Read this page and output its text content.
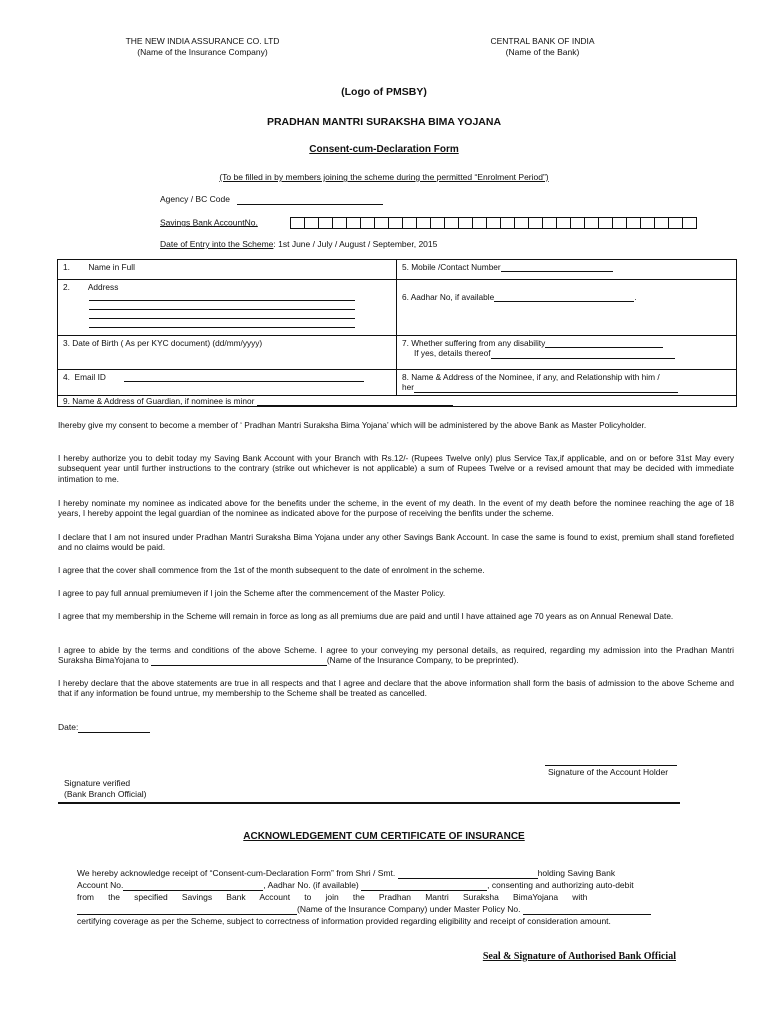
THE NEW INDIA ASSURANCE CO. LTD
(Name of the Insurance Company)
CENTRAL BANK OF INDIA
(Name of the Bank)
(Logo of PMSBY)
PRADHAN MANTRI SURAKSHA BIMA YOJANA
Consent-cum-Declaration Form
(To be filled in by members joining the scheme during the permitted “Enrolment Period”)
Agency / BC Code
Savings Bank AccountNo.
Date of Entry into the Scheme: 1st June / July / August / September, 2015
1.        Name in Full	5. Mobile /Contact Number
2.        Address	6. Aadhar No, if available .
3. Date of Birth ( As per KYC document) (dd/mm/yyyy)	7. Whether suffering from any disability
If yes, details thereof

4.  Email ID	8. Name & Address of the Nominee, if any, and Relationship with him /
her

9. Name & Address of Guardian, if nominee is minor	
Ihereby give my consent to become a member of ‘ Pradhan Mantri Suraksha Bima Yojana’ which will be administered by the above Bank as Master Policyholder.
I hereby authorize you to debit today my Saving Bank Account with your Branch with Rs.12/- (Rupees Twelve only) plus Service Tax,if applicable, and on or before 31st May every subsequent year until further instructions to the contrary (strike out whichever is not applicable) a sum of Rupees Twelve or a revised amount that may be decided with immediate intimation to me.
I hereby nominate my nominee as indicated above for the benefits under the scheme, in the event of my death. In the event of my death before the nominee reaching the age of 18 years, I hereby appoint the legal guardian of the nominee as indicated above for the purpose of receiving the benfits under the scheme.
I declare that I am not insured under Pradhan Mantri Suraksha Bima Yojana under any other Savings Bank Account. In case the same is found to exist, premium shall stand forefieted and no claims would be paid.
I agree that the cover shall commence from the 1st of the month subsequent to the date of enrolment in the scheme.
I agree to pay full annual premiumeven if I join the Scheme after the commencement of the Master Policy.
I agree that my membership in the Scheme will remain in force as long as all premiums due are paid and until I have attained age 70 years as on Annual Renewal Date.
I agree to abide by the terms and conditions of the above Scheme. I agree to your conveying my personal details, as required, regarding my admission into the Pradhan Mantri Suraksha BimaYojana to	(Name of the Insurance Company, to be preprinted).
I hereby declare that the above statements are true in all respects and that I agree and declare that the above information shall form the basis of admission to the above Scheme and that if any information be found untrue, my membership to the Scheme shall be treated as cancelled.
Date:
Signature of the Account Holder
Signature verified
(Bank Branch Official)
ACKNOWLEDGEMENT CUM CERTIFICATE OF INSURANCE
We hereby acknowledge receipt of “Consent-cum-Declaration Form” from Shri / Smt.	holding Saving Bank
Account No.	, Aadhar No. (if available)	, consenting and authorizing auto-debit
from      the      specified      Savings      Bank      Account      to      join      the      Pradhan      Mantri      Suraksha      BimaYojana      with
(Name of the Insurance Company) under Master Policy No.
certifying coverage as per the Scheme, subject to correctness of information provided regarding eligibility and receipt of consideration amount.
Seal & Signature of Authorised Bank Official
